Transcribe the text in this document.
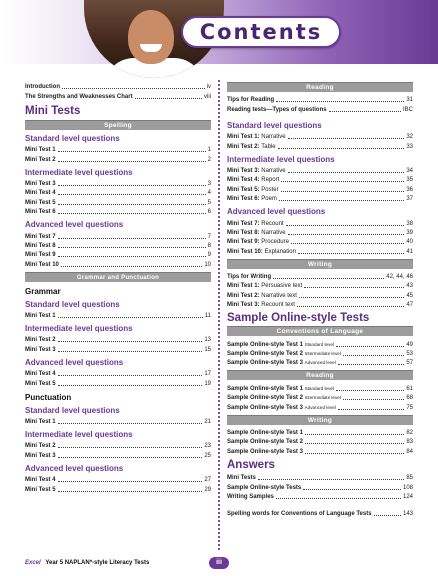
Contents
Introduction	iv
The Strengths and Weaknesses Chart	viii
Mini Tests
Spelling
Standard level questions
Mini Test 1	1
Mini Test 2	2
Intermediate level questions
Mini Test 3	3
Mini Test 4	4
Mini Test 5	5
Mini Test 6	6
Advanced level questions
Mini Test 7	7
Mini Test 8	8
Mini Test 9	9
Mini Test 10	10
Grammar and Punctuation
Grammar
Standard level questions
Mini Test 1	11
Intermediate level questions
Mini Test 2	13
Mini Test 3	15
Advanced level questions
Mini Test 4	17
Mini Test 5	19
Punctuation
Standard level questions
Mini Test 1	21
Intermediate level questions
Mini Test 2	23
Mini Test 3	25
Advanced level questions
Mini Test 4	27
Mini Test 5	29
Reading
Tips for Reading	31
Reading tests—Types of questions	IBC
Standard level questions
Mini Test 1: Narrative	32
Mini Test 2: Table	33
Intermediate level questions
Mini Test 3: Narrative	34
Mini Test 4: Report	35
Mini Test 5: Poster	36
Mini Test 6: Poem	37
Advanced level questions
Mini Test 7: Recount	38
Mini Test 8: Narrative	39
Mini Test 9: Procedure	40
Mini Test 10: Explanation	41
Writing
Tips for Writing	42, 44, 46
Mini Test 1: Persuasive text	43
Mini Test 2: Narrative text	45
Mini Test 3: Recount text	47
Sample Online-style Tests
Conventions of Language
Sample Online-style Test 1 Standard level	49
Sample Online-style Test 2 Intermediate level	53
Sample Online-style Test 3 Advanced level	57
Reading
Sample Online-style Test 1 Standard level	61
Sample Online-style Test 2 Intermediate level	68
Sample Online-style Test 3 Advanced level	75
Writing
Sample Online-style Test 1	82
Sample Online-style Test 2	83
Sample Online-style Test 3	84
Answers
Mini Tests	85
Sample Online-style Tests	108
Writing Samples	124
Spelling words for Conventions of Language Tests	143
Excel Year 5 NAPLAN*-style Literacy Tests	iii
